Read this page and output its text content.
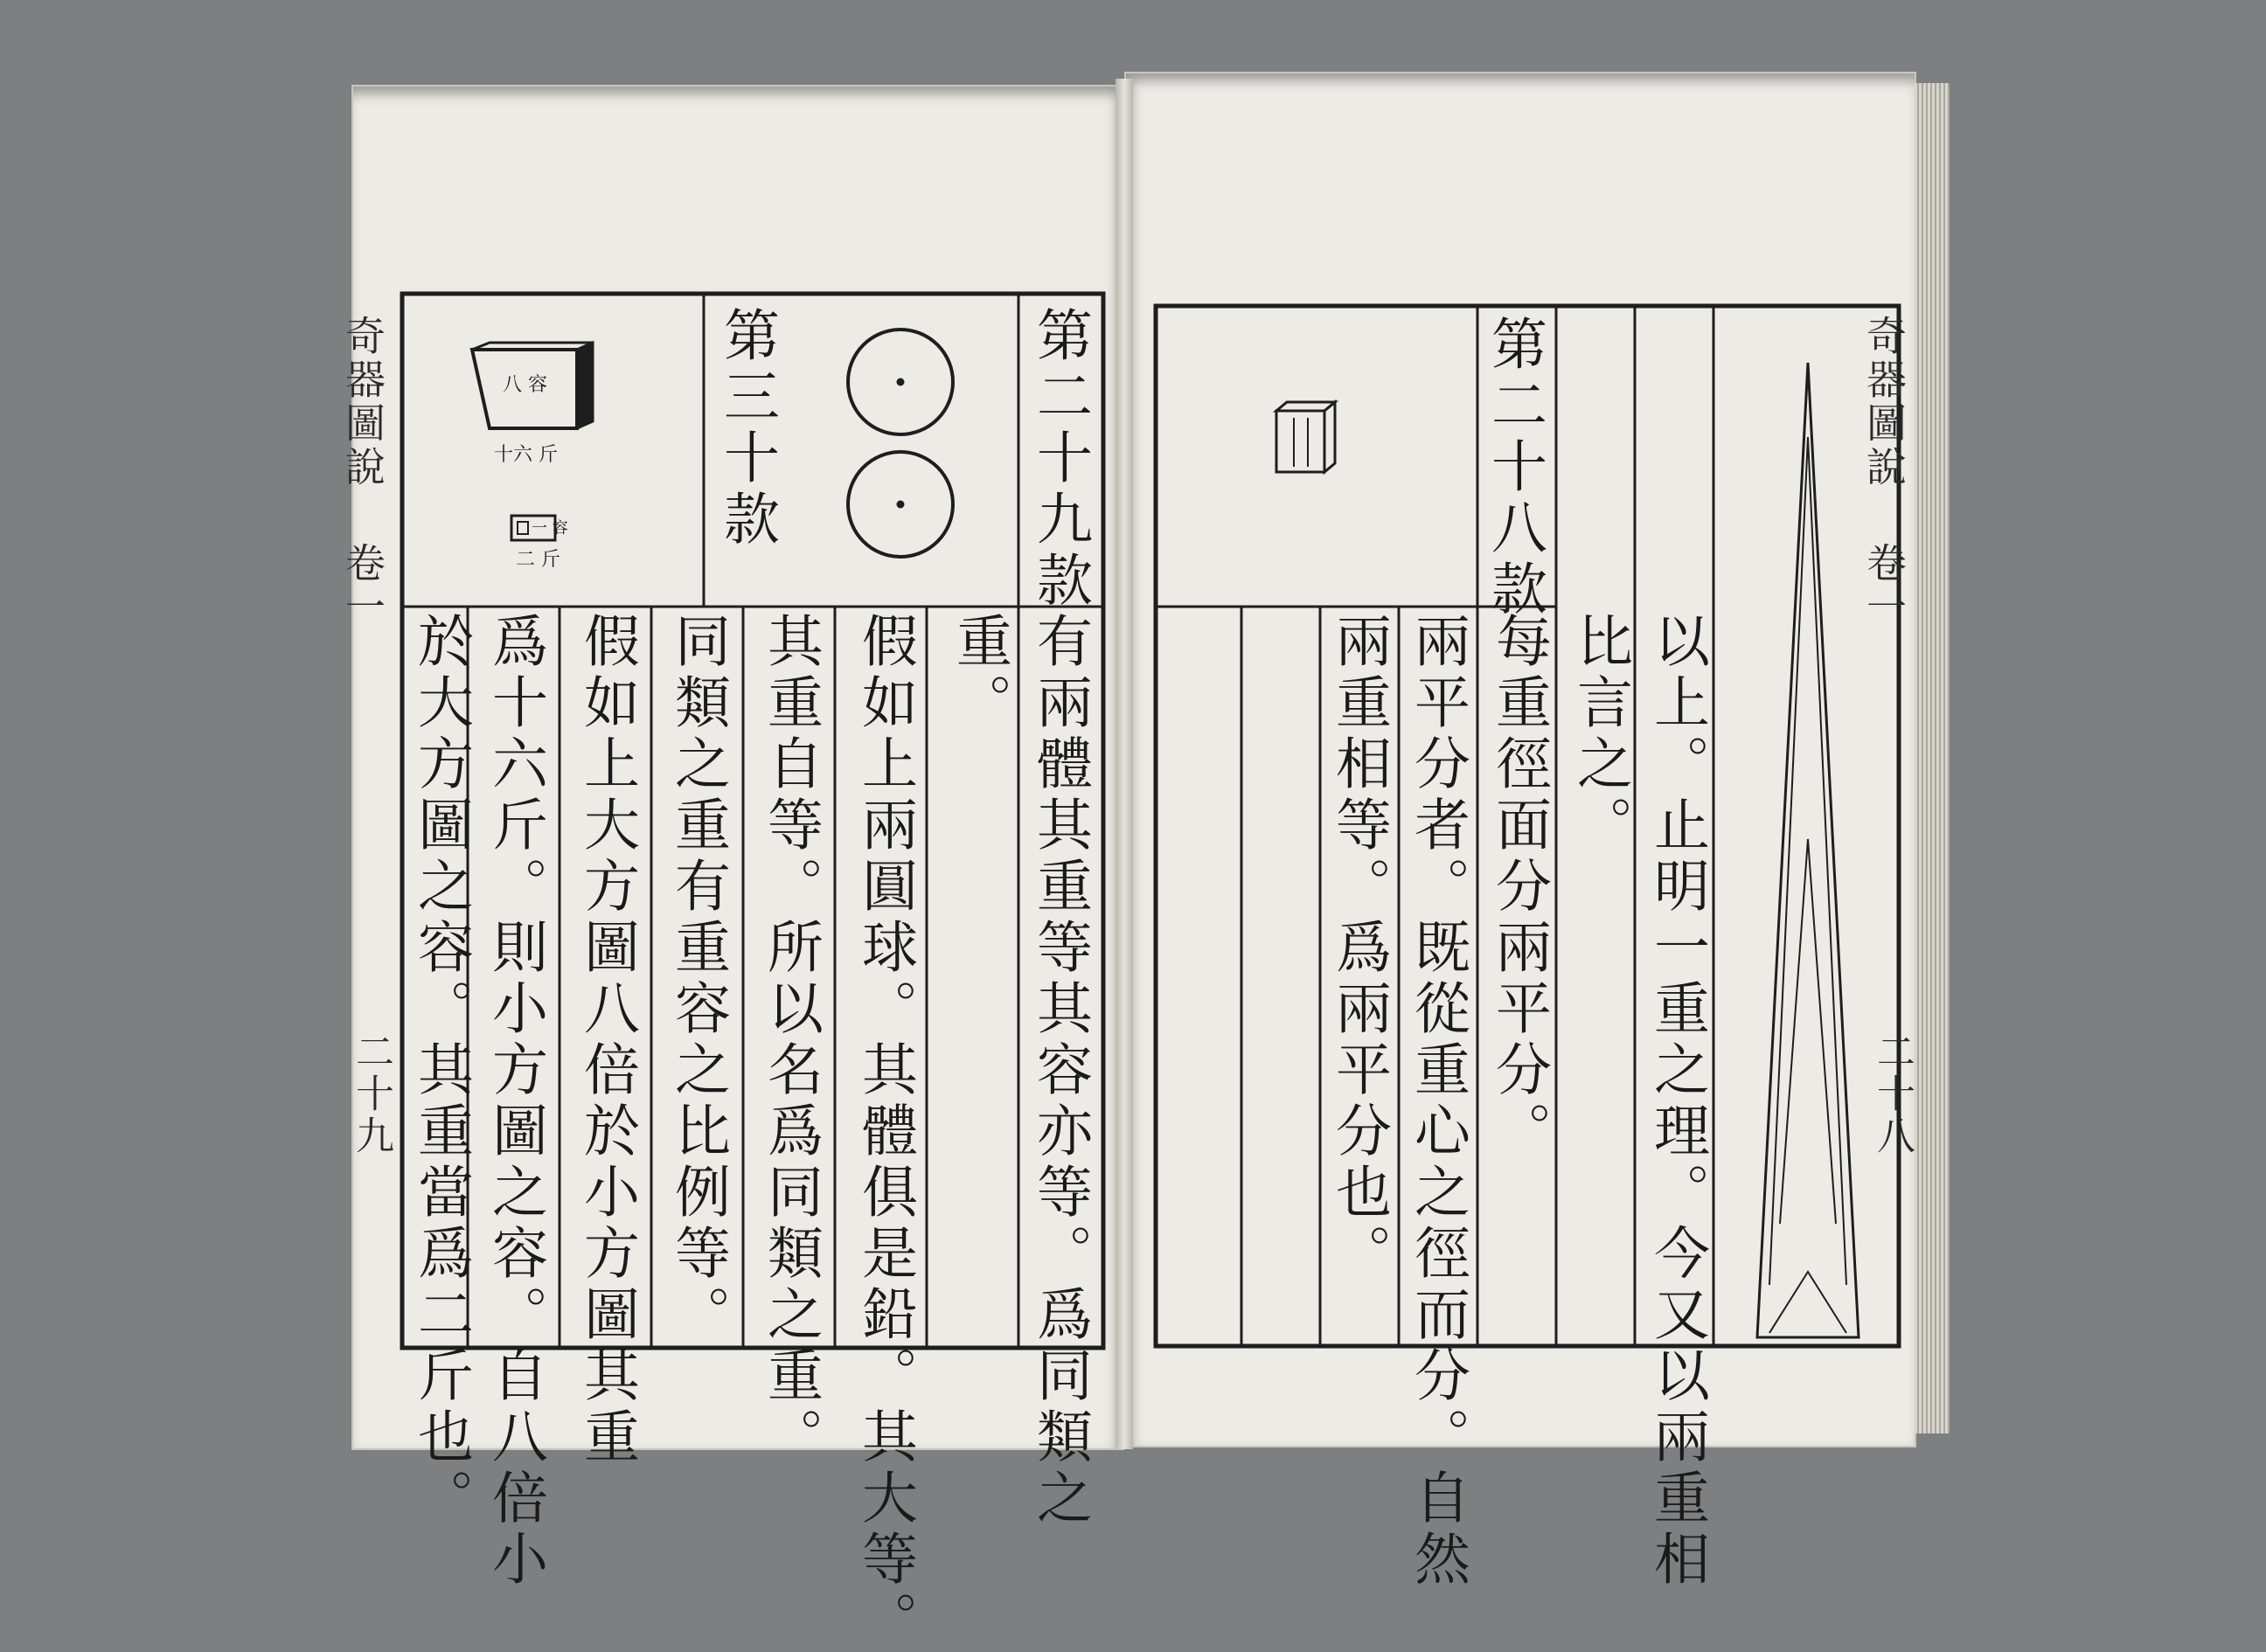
奇器圖說
卷一
二十九
奇器圖說
卷一
二十八
第二十九款
第三十款
八 容
十六 斤
一 容
二 斤
有兩體其重等其容亦等。爲同類之
重。
假如上兩圓球。其體俱是鉛。其大等。
其重自等。所以名爲同類之重。
同類之重有重容之比例等。
假如上大方圖八倍於小方圖其重
爲十六斤。則小方圖之容。自八倍小
於大方圖之容。其重當爲二斤也。
第二十八款
以上。止明一重之理。今又以兩重相
比言之。
每重徑面分兩平分。
兩平分者。既從重心之徑而分。自然
兩重相等。爲兩平分也。
